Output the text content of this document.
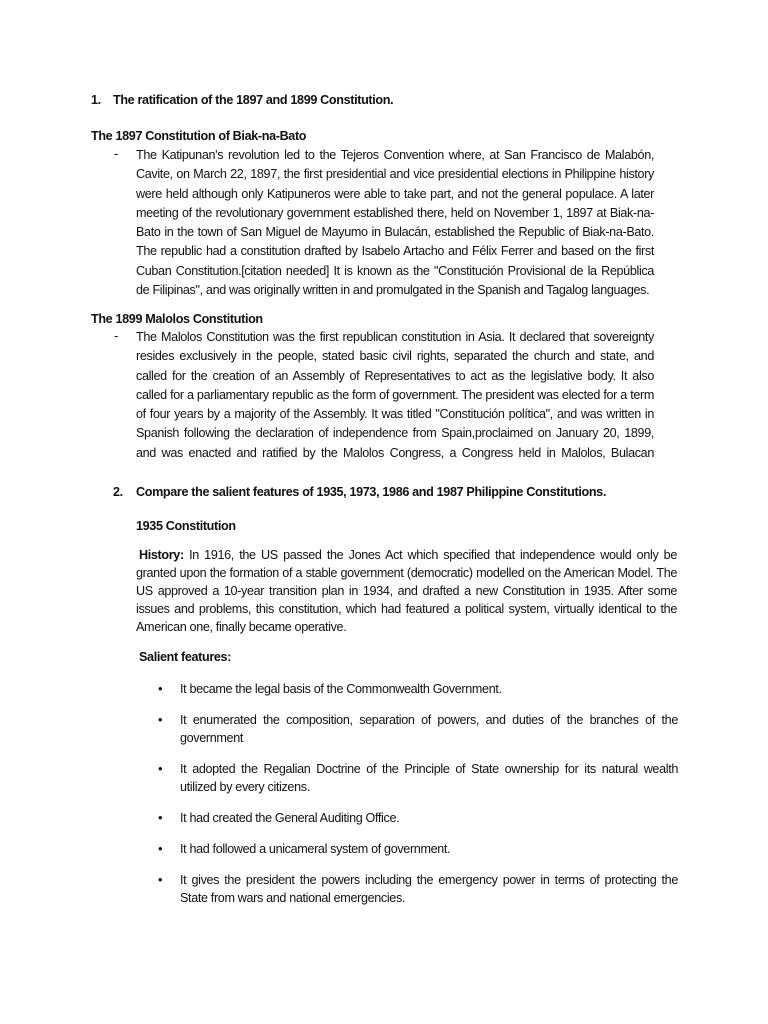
1. The ratification of the 1897 and 1899 Constitution.
The 1897 Constitution of Biak-na-Bato
- The Katipunan's revolution led to the Tejeros Convention where, at San Francisco de Malabón, Cavite, on March 22, 1897, the first presidential and vice presidential elections in Philippine history were held although only Katipuneros were able to take part, and not the general populace. A later meeting of the revolutionary government established there, held on November 1, 1897 at Biak-na-Bato in the town of San Miguel de Mayumo in Bulacán, established the Republic of Biak-na-Bato. The republic had a constitution drafted by Isabelo Artacho and Félix Ferrer and based on the first Cuban Constitution.[citation needed] It is known as the "Constitución Provisional de la República de Filipinas", and was originally written in and promulgated in the Spanish and Tagalog languages.
The 1899 Malolos Constitution
- The Malolos Constitution was the first republican constitution in Asia. It declared that sovereignty resides exclusively in the people, stated basic civil rights, separated the church and state, and called for the creation of an Assembly of Representatives to act as the legislative body. It also called for a parliamentary republic as the form of government. The president was elected for a term of four years by a majority of the Assembly. It was titled "Constitución política", and was written in Spanish following the declaration of independence from Spain,proclaimed on January 20, 1899, and was enacted and ratified by the Malolos Congress, a Congress held in Malolos, Bulacan
2. Compare the salient features of 1935, 1973, 1986 and 1987 Philippine Constitutions.
1935 Constitution

History: In 1916, the US passed the Jones Act which specified that independence would only be granted upon the formation of a stable government (democratic) modelled on the American Model. The US approved a 10-year transition plan in 1934, and drafted a new Constitution in 1935. After some issues and problems, this constitution, which had featured a political system, virtually identical to the American one, finally became operative.

Salient features:
• It became the legal basis of the Commonwealth Government.
• It enumerated the composition, separation of powers, and duties of the branches of the government
• It adopted the Regalian Doctrine of the Principle of State ownership for its natural wealth utilized by every citizens.
• It had created the General Auditing Office.
• It had followed a unicameral system of government.
• It gives the president the powers including the emergency power in terms of protecting the State from wars and national emergencies.
